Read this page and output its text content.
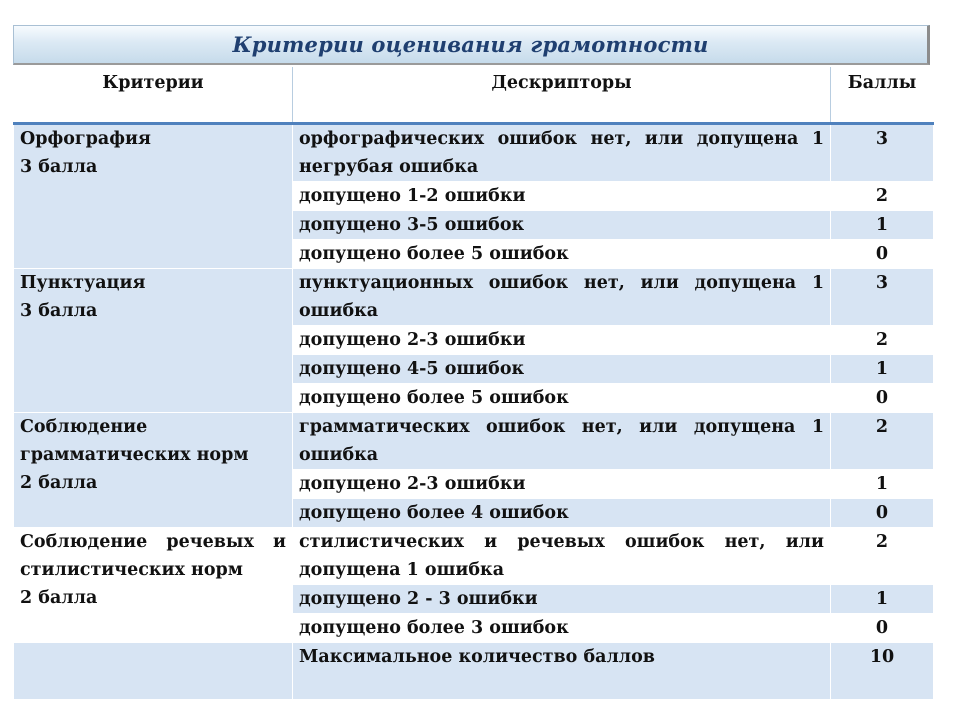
Критерии оценивания грамотности
Критерии	Дескрипторы	Баллы

Орфография
3 балла	орфографических ошибок нет, или допущена 1 негрубая ошибка	3
	допущено 1-2 ошибки	2
	допущено 3-5 ошибок	1
	допущено более 5 ошибок	0

Пунктуация
3 балла	пунктуационных ошибок нет, или допущена 1 ошибка	3
	допущено 2-3 ошибки	2
	допущено 4-5 ошибок	1
	допущено более 5 ошибок	0

Соблюдение грамматических норм
2 балла	грамматических ошибок нет, или допущена 1 ошибка	2
	допущено 2-3 ошибки	1
	допущено более 4 ошибок	0

Соблюдение речевых и стилистических норм
2 балла	стилистических и речевых ошибок нет, или допущена 1 ошибка	2
	допущено 2 - 3 ошибки	1
	допущено более 3 ошибок	0
	Максимальное количество баллов	10
